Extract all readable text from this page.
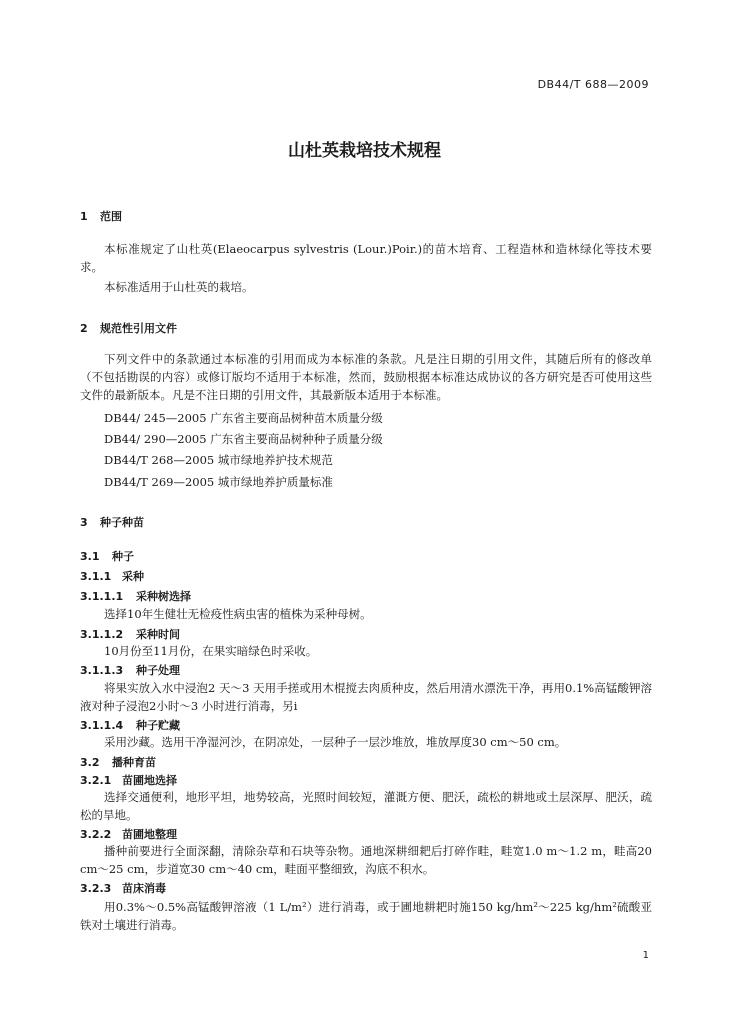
DB44/T 688—2009
山杜英栽培技术规程
1 范围
本标准规定了山杜英(Elaeocarpus sylvestris (Lour.)Poir.)的苗木培育、工程造林和造林绿化等技术要求。
本标准适用于山杜英的栽培。
2 规范性引用文件
下列文件中的条款通过本标准的引用而成为本标准的条款。凡是注日期的引用文件，其随后所有的修改单（不包括勘误的内容）或修订版均不适用于本标准，然而，鼓励根据本标准达成协议的各方研究是否可使用这些文件的最新版本。凡是不注日期的引用文件，其最新版本适用于本标准。
DB44/ 245—2005 广东省主要商品树种苗木质量分级
DB44/ 290—2005 广东省主要商品树种种子质量分级
DB44/T 268—2005 城市绿地养护技术规范
DB44/T 269—2005 城市绿地养护质量标准
3 种子种苗
3.1 种子
3.1.1 采种
3.1.1.1 采种树选择
选择10年生健壮无检疫性病虫害的植株为采种母树。
3.1.1.2 采种时间
10月份至11月份，在果实暗绿色时采收。
3.1.1.3 种子处理
将果实放入水中浸泡2 天～3 天用手搓或用木棍搅去肉质种皮，然后用清水漂洗干净，再用0.1%高锰酸钾溶液对种子浸泡2小时～3 小时进行消毒，另i
3.1.1.4 种子贮藏
采用沙藏。选用干净湿河沙，在阴凉处，一层种子一层沙堆放，堆放厚度30 cm～50 cm。
3.2 播种育苗
3.2.1 苗圃地选择
选择交通便利，地形平坦，地势较高，光照时间较短，灌溉方便、肥沃，疏松的耕地或土层深厚、肥沃，疏松的旱地。
3.2.2 苗圃地整理
播种前要进行全面深翻，清除杂草和石块等杂物。通地深耕细耙后打碎作畦，畦宽1.0 m～1.2 m，畦高20 cm～25 cm，步道宽30 cm～40 cm，畦面平整细致，沟底不积水。
3.2.3 苗床消毒
用0.3%～0.5%高锰酸钾溶液（1 L/m²）进行消毒，或于圃地耕耙时施150 kg/hm²～225 kg/hm²硫酸亚铁对土壤进行消毒。
1
